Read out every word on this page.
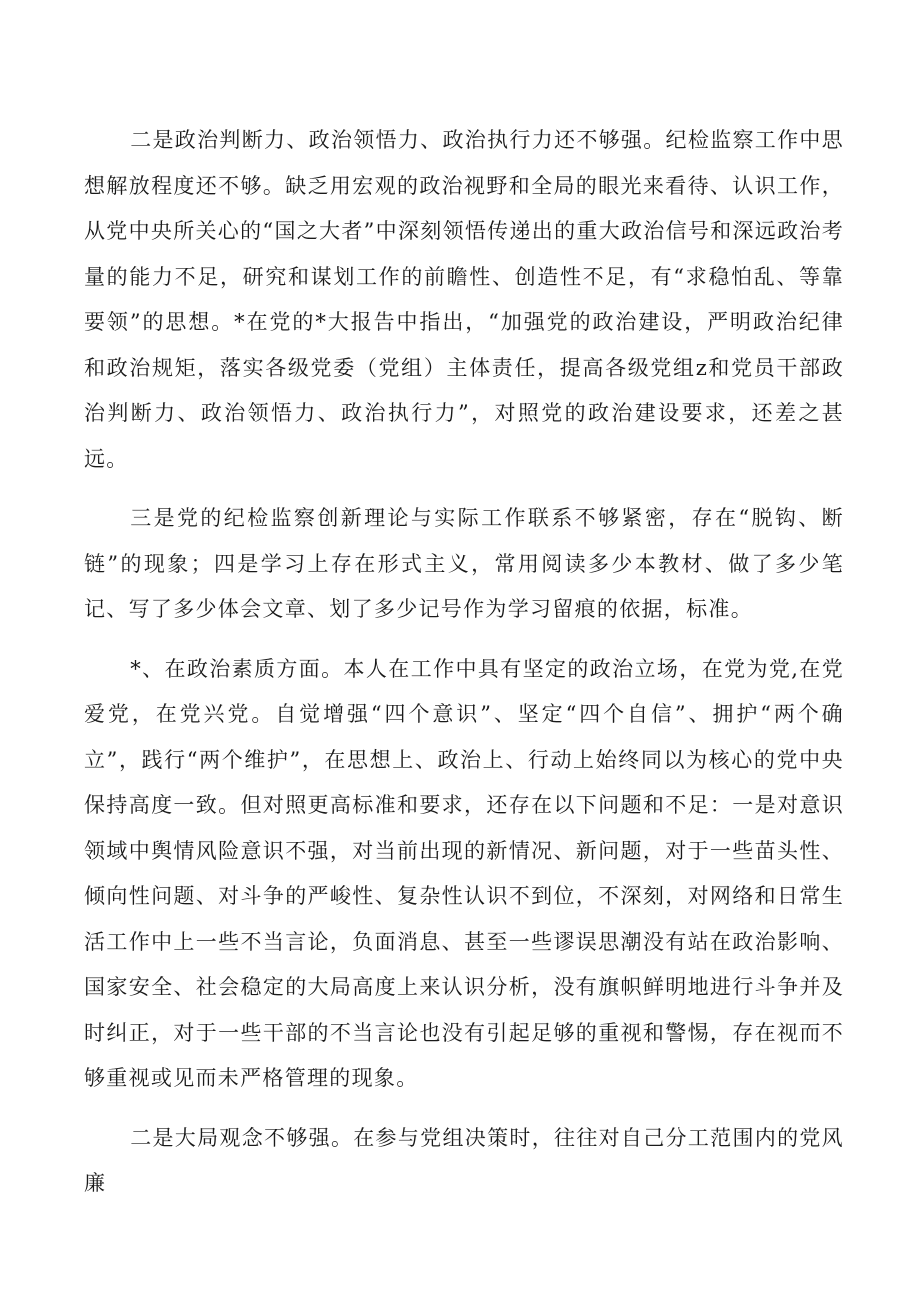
二是政治判断力、政治领悟力、政治执行力还不够强。纪检监察工作中思想解放程度还不够。缺乏用宏观的政治视野和全局的眼光来看待、认识工作，从党中央所关心的“国之大者”中深刻领悟传递出的重大政治信号和深远政治考量的能力不足，研究和谋划工作的前瞻性、创造性不足，有“求稳怕乱、等靠要领”的思想。*在党的*大报告中指出，“加强党的政治建设，严明政治纪律和政治规矩，落实各级党委（党组）主体责任，提高各级党组z和党员干部政治判断力、政治领悟力、政治执行力”，对照党的政治建设要求，还差之甚远。

三是党的纪检监察创新理论与实际工作联系不够紧密，存在“脱钩、断链”的现象；四是学习上存在形式主义，常用阅读多少本教材、做了多少笔记、写了多少体会文章、划了多少记号作为学习留痕的依据，标准。

*、在政治素质方面。本人在工作中具有坚定的政治立场，在党为党,在党爱党，在党兴党。自觉增强“四个意识”、坚定“四个自信”、拥护“两个确立”，践行“两个维护”，在思想上、政治上、行动上始终同以为核心的党中央保持高度一致。但对照更高标准和要求，还存在以下问题和不足：一是对意识领域中舆情风险意识不强，对当前出现的新情况、新问题，对于一些苗头性、倾向性问题、对斗争的严峻性、复杂性认识不到位，不深刻，对网络和日常生活工作中上一些不当言论，负面消息、甚至一些谬误思潮没有站在政治影响、国家安全、社会稳定的大局高度上来认识分析，没有旗帜鲜明地进行斗争并及时纠正，对于一些干部的不当言论也没有引起足够的重视和警惕，存在视而不够重视或见而未严格管理的现象。

二是大局观念不够强。在参与党组决策时，往往对自己分工范围内的党风廉
